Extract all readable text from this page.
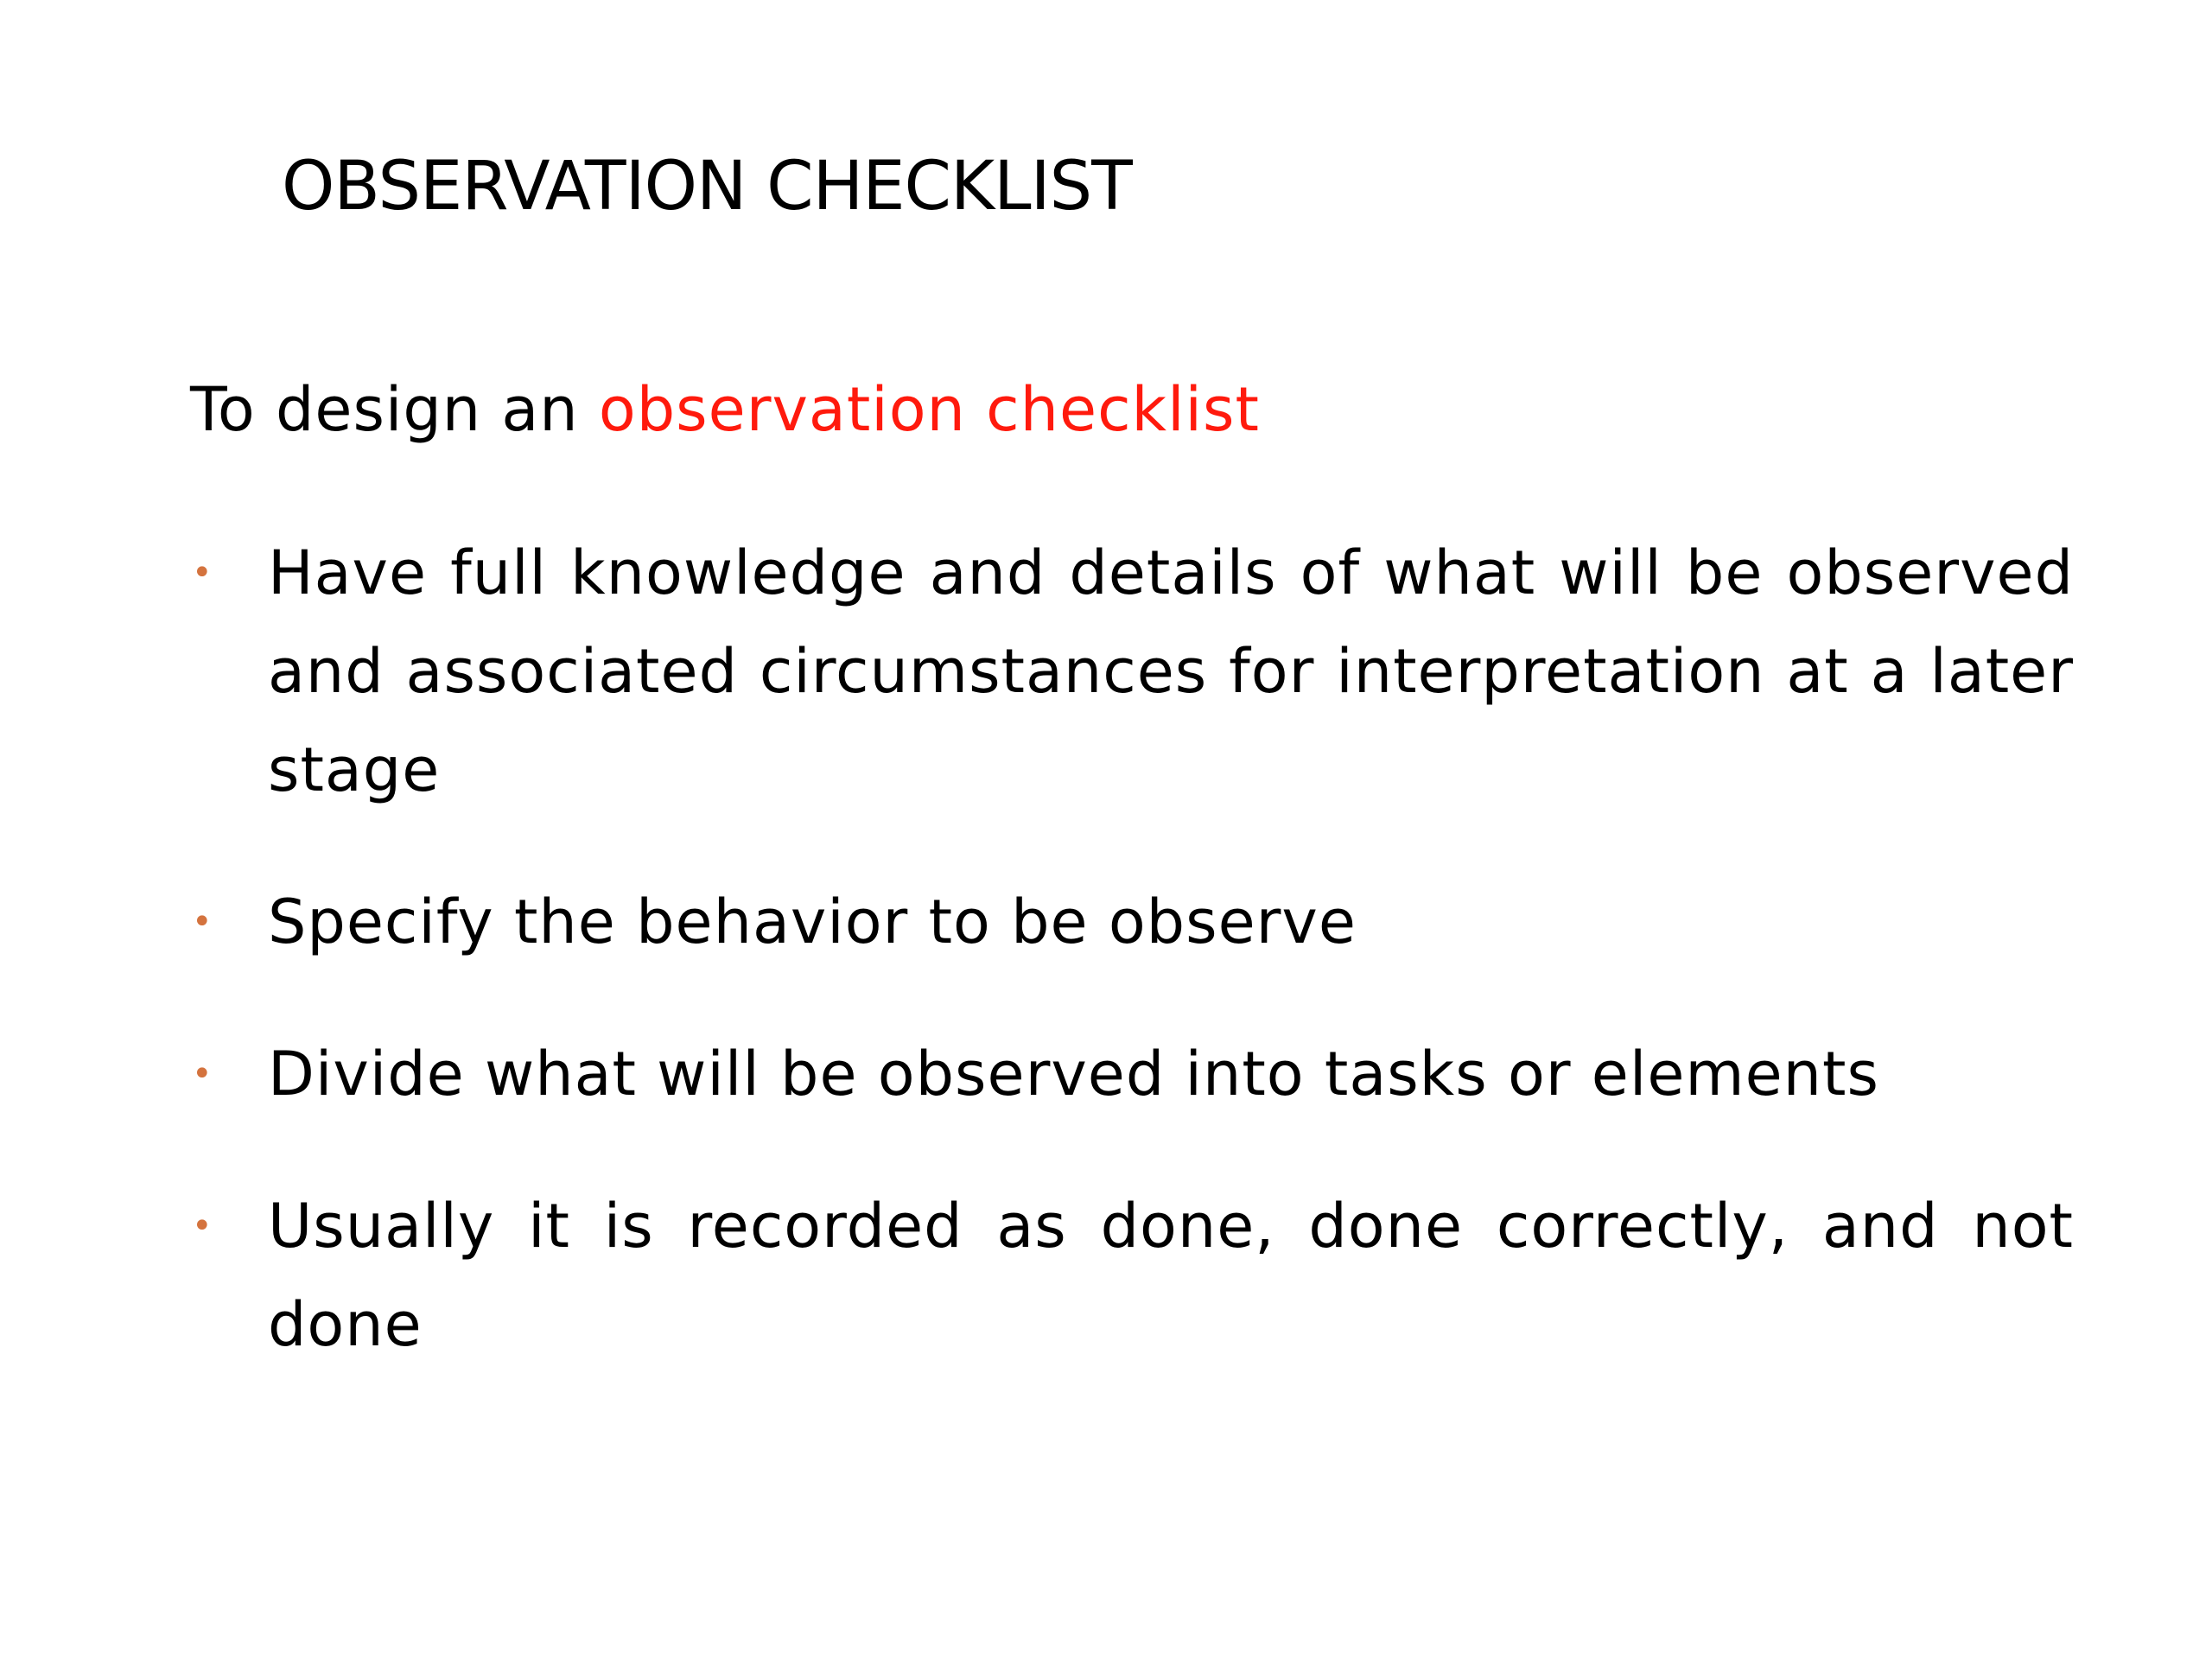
OBSERVATION CHECKLIST
To design an observation checklist
• Have full knowledge and details of what will be observed and associated circumstances for interpretation at a later stage
• Specify the behavior to be observe
• Divide what will be observed into tasks or elements
• Usually it is recorded as done, done correctly, and not done
